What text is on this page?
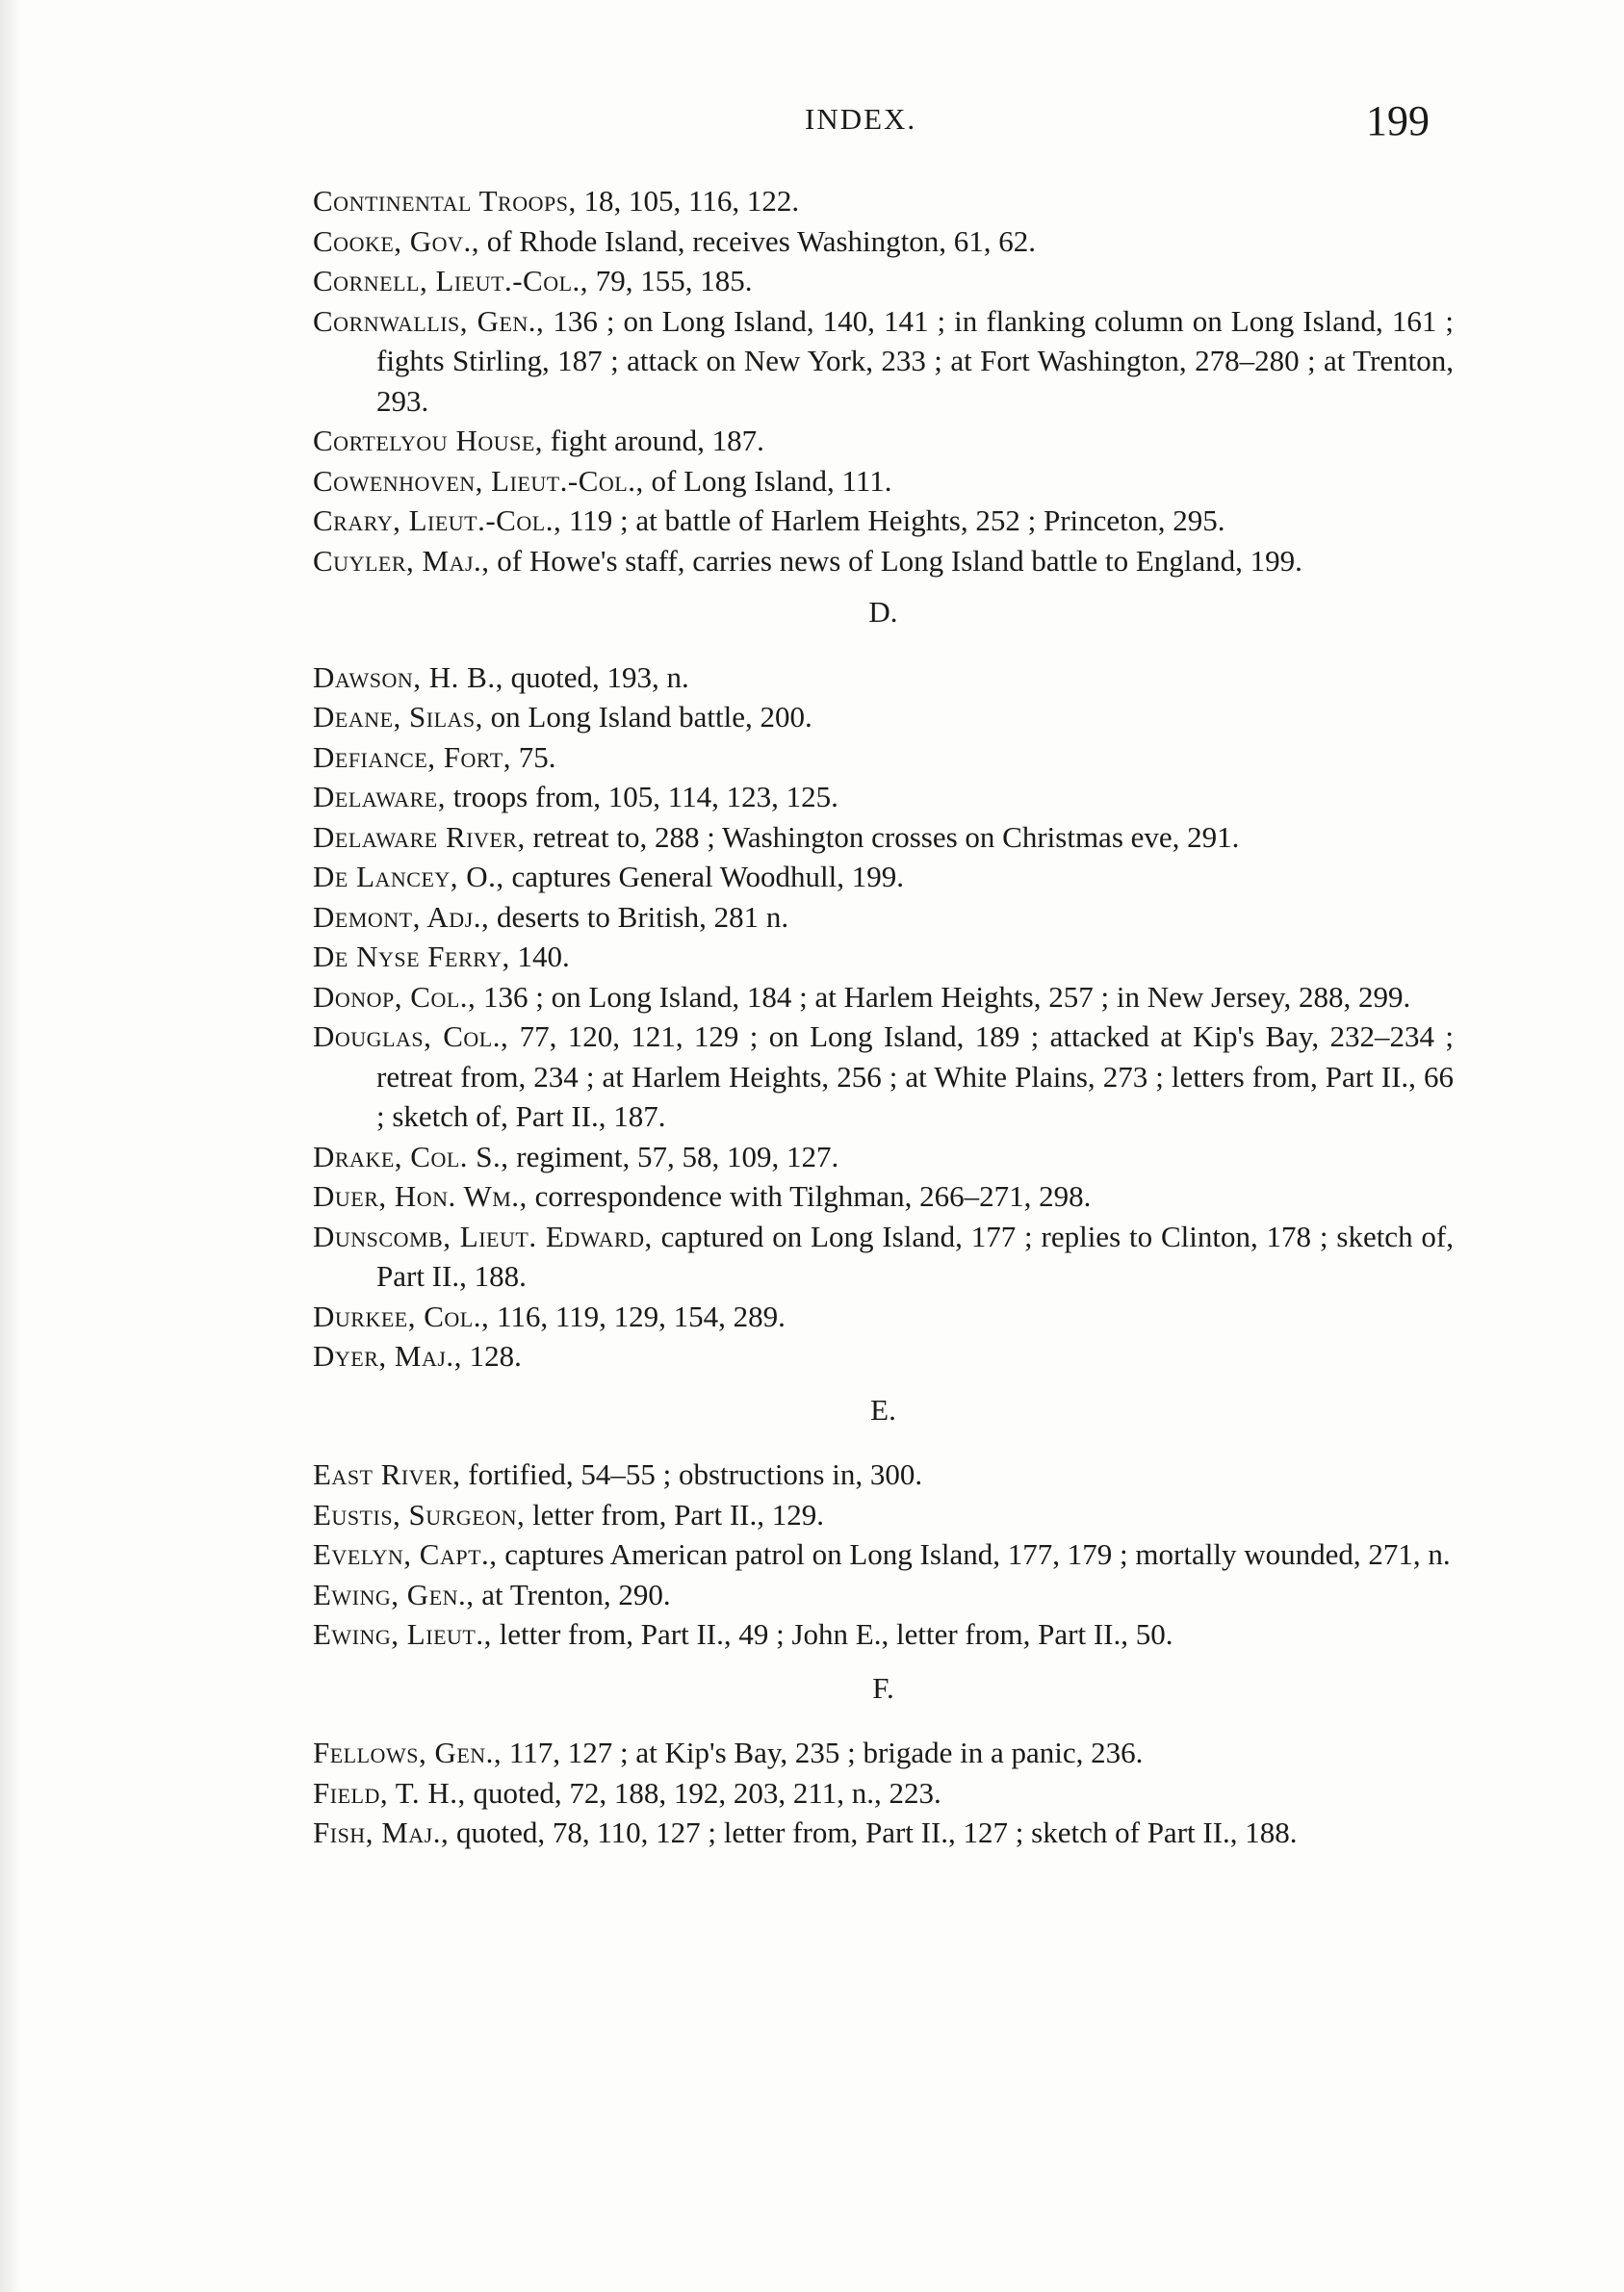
INDEX.	199
Continental Troops, 18, 105, 116, 122.
Cooke, Gov., of Rhode Island, receives Washington, 61, 62.
Cornell, Lieut.-Col., 79, 155, 185.
Cornwallis, Gen., 136 ; on Long Island, 140, 141 ; in flanking column on Long Island, 161 ; fights Stirling, 187 ; attack on New York, 233 ; at Fort Washington, 278–280 ; at Trenton, 293.
Cortelyou House, fight around, 187.
Cowenhoven, Lieut.-Col., of Long Island, 111.
Crary, Lieut.-Col., 119 ; at battle of Harlem Heights, 252 ; Princeton, 295.
Cuyler, Maj., of Howe's staff, carries news of Long Island battle to England, 199.
D.
Dawson, H. B., quoted, 193, n.
Deane, Silas, on Long Island battle, 200.
Defiance, Fort, 75.
Delaware, troops from, 105, 114, 123, 125.
Delaware River, retreat to, 288 ; Washington crosses on Christmas eve, 291.
De Lancey, O., captures General Woodhull, 199.
Demont, Adj., deserts to British, 281 n.
De Nyse Ferry, 140.
Donop, Col., 136 ; on Long Island, 184 ; at Harlem Heights, 257 ; in New Jersey, 288, 299.
Douglas, Col., 77, 120, 121, 129 ; on Long Island, 189 ; attacked at Kip's Bay, 232–234 ; retreat from, 234 ; at Harlem Heights, 256 ; at White Plains, 273 ; letters from, Part II., 66 ; sketch of, Part II., 187.
Drake, Col. S., regiment, 57, 58, 109, 127.
Duer, Hon. Wm., correspondence with Tilghman, 266–271, 298.
Dunscomb, Lieut. Edward, captured on Long Island, 177 ; replies to Clinton, 178 ; sketch of, Part II., 188.
Durkee, Col., 116, 119, 129, 154, 289.
Dyer, Maj., 128.
E.
East River, fortified, 54–55 ; obstructions in, 300.
Eustis, Surgeon, letter from, Part II., 129.
Evelyn, Capt., captures American patrol on Long Island, 177, 179 ; mortally wounded, 271, n.
Ewing, Gen., at Trenton, 290.
Ewing, Lieut., letter from, Part II., 49 ; John E., letter from, Part II., 50.
F.
Fellows, Gen., 117, 127 ; at Kip's Bay, 235 ; brigade in a panic, 236.
Field, T. H., quoted, 72, 188, 192, 203, 211, n., 223.
Fish, Maj., quoted, 78, 110, 127 ; letter from, Part II., 127 ; sketch of Part II., 188.
